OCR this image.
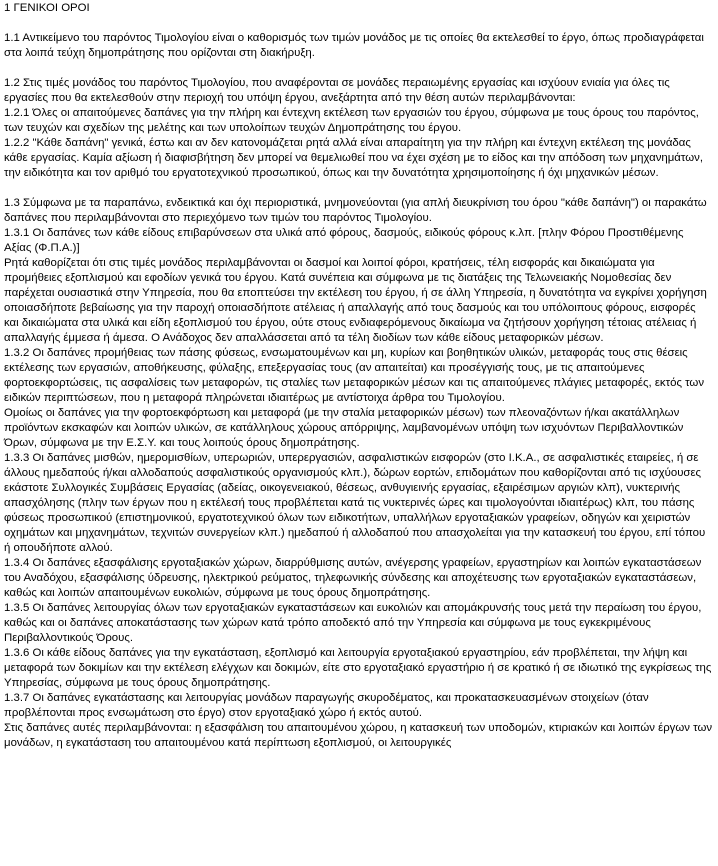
1 ΓΕΝΙΚΟΙ ΟΡΟΙ

1.1 Αντικείμενο του παρόντος Τιμολογίου είναι ο καθορισμός των τιμών μονάδος με τις οποίες θα εκτελεσθεί το έργο, όπως προδιαγράφεται στα λοιπά τεύχη δημοπράτησης που ορίζονται στη διακήρυξη.

1.2 Στις τιμές μονάδος του παρόντος Τιμολογίου, που αναφέρονται σε μονάδες περαιωμένης εργασίας και ισχύουν ενιαία για όλες τις εργασίες που θα εκτελεσθούν στην περιοχή του υπόψη έργου, ανεξάρτητα από την θέση αυτών περιλαμβάνονται:

1.2.1 Όλες οι απαιτούμενες δαπάνες για την πλήρη και έντεχνη εκτέλεση των εργασιών του έργου, σύμφωνα με τους όρους του παρόντος, των τευχών και σχεδίων της μελέτης και των υπολοίπων τευχών Δημοπράτησης του έργου.

1.2.2 "Κάθε δαπάνη" γενικά, έστω και αν δεν κατονομάζεται ρητά αλλά είναι απαραίτητη για την πλήρη και έντεχνη εκτέλεση της μονάδας κάθε εργασίας. Καμία αξίωση ή διαφισβήτηση δεν μπορεί να θεμελιωθεί που να έχει σχέση με το είδος και την απόδοση των μηχανημάτων, την ειδικότητα και τον αριθμό του εργατοτεχνικού προσωπικού, όπως και την δυνατότητα χρησιμοποίησης ή όχι μηχανικών μέσων.

1.3 Σύμφωνα με τα παραπάνω, ενδεικτικά και όχι περιοριστικά, μνημονεύονται (για απλή διευκρίνιση του όρου "κάθε δαπάνη") οι παρακάτω δαπάνες που περιλαμβάνονται στο περιεχόμενο των τιμών του παρόντος Τιμολογίου.

1.3.1 Οι δαπάνες των κάθε είδους επιβαρύνσεων στα υλικά από φόρους, δασμούς, ειδικούς φόρους κ.λπ. [πλην Φόρου Προστιθέμενης Αξίας (Φ.Π.Α.)]

Ρητά καθορίζεται ότι στις τιμές μονάδος περιλαμβάνονται οι δασμοί και λοιποί φόροι, κρατήσεις, τέλη εισφοράς και δικαιώματα για προμήθειες εξοπλισμού και εφοδίων γενικά του έργου. Κατά συνέπεια και σύμφωνα με τις διατάξεις της Τελωνειακής Νομοθεσίας δεν παρέχεται ουσιαστικά στην Υπηρεσία, που θα εποπτεύσει την εκτέλεση του έργου, ή σε άλλη Υπηρεσία, η δυνατότητα να εγκρίνει χορήγηση οποιασδήποτε βεβαίωσης για την παροχή οποιασδήποτε ατέλειας ή απαλλαγής από τους δασμούς και του υπόλοιπους φόρους, εισφορές και δικαιώματα στα υλικά και είδη εξοπλισμού του έργου, ούτε στους ενδιαφερόμενους δικαίωμα να ζητήσουν χορήγηση τέτοιας ατέλειας ή απαλλαγής έμμεσα ή άμεσα. Ο Ανάδοχος δεν απαλλάσσεται από τα τέλη διοδίων των κάθε είδους μεταφορικών μέσων.

1.3.2 Οι δαπάνες προμήθειας των πάσης φύσεως, ενσωματουμένων και μη, κυρίων και βοηθητικών υλικών, μεταφοράς τους στις θέσεις εκτέλεσης των εργασιών, αποθήκευσης, φύλαξης, επεξεργασίας τους (αν απαιτείται) και προσέγγισής τους, με τις απαιτούμενες φορτοεκφορτώσεις, τις ασφαλίσεις των μεταφορών, τις σταλίες των μεταφορικών μέσων και τις απαιτούμενες πλάγιες μεταφορές, εκτός των ειδικών περιπτώσεων, που η μεταφορά πληρώνεται ιδιαιτέρως με αντίστοιχα άρθρα του Τιμολογίου.

Ομοίως οι δαπάνες για την φορτοεκφόρτωση και μεταφορά (με την σταλία μεταφορικών μέσων) των πλεοναζόντων ή/και ακατάλληλων προϊόντων εκσκαφών και λοιπών υλικών, σε κατάλληλους χώρους απόρριψης, λαμβανομένων υπόψη των ισχυόντων Περιβαλλοντικών Όρων, σύμφωνα με την Ε.Σ.Υ. και τους λοιπούς όρους δημοπράτησης.

1.3.3 Οι δαπάνες μισθών, ημερομισθίων, υπερωριών, υπερεργασιών, ασφαλιστικών εισφορών (στο Ι.Κ.Α., σε ασφαλιστικές εταιρείες, ή σε άλλους ημεδαπούς ή/και αλλοδαπούς ασφαλιστικούς οργανισμούς κλπ.), δώρων εορτών, επιδομάτων που καθορίζονται από τις ισχύουσες εκάστοτε Συλλογικές Συμβάσεις Εργασίας (αδείας, οικογενειακού, θέσεως, ανθυγιεινής εργασίας, εξαιρέσιμων αργιών κλπ), νυκτερινής απασχόλησης (πλην των έργων που η εκτέλεσή τους προβλέπεται κατά τις νυκτερινές ώρες και τιμολογούνται ιδιαιτέρως) κλπ, του πάσης φύσεως προσωπικού (επιστημονικού, εργατοτεχνικού όλων των ειδικοτήτων, υπαλλήλων εργοταξιακών γραφείων, οδηγών και χειριστών οχημάτων και μηχανημάτων, τεχνιτών συνεργείων κλπ.) ημεδαπού ή αλλοδαπού που απασχολείται για την κατασκευή του έργου, επί τόπου ή οπουδήποτε αλλού.

1.3.4 Οι δαπάνες εξασφάλισης εργοταξιακών χώρων, διαρρύθμισης αυτών, ανέγερσης γραφείων, εργαστηρίων και λοιπών εγκαταστάσεων του Αναδόχου, εξασφάλισης ύδρευσης, ηλεκτρικού ρεύματος, τηλεφωνικής σύνδεσης και αποχέτευσης των εργοταξιακών εγκαταστάσεων, καθώς και λοιπών απαιτουμένων ευκολιών, σύμφωνα με τους όρους δημοπράτησης.

1.3.5 Οι δαπάνες λειτουργίας όλων των εργοταξιακών εγκαταστάσεων και ευκολιών και απομάκρυνσής τους μετά την περαίωση του έργου, καθώς και οι δαπάνες αποκατάστασης των χώρων κατά τρόπο αποδεκτό από την Υπηρεσία και σύμφωνα με τους εγκεκριμένους Περιβαλλοντικούς Όρους.

1.3.6 Οι κάθε είδους δαπάνες για την εγκατάσταση, εξοπλισμό και λειτουργία εργοταξιακού εργαστηρίου, εάν προβλέπεται, την λήψη και μεταφορά των δοκιμίων και την εκτέλεση ελέγχων και δοκιμών, είτε στο εργοταξιακό εργαστήριο ή σε κρατικό ή σε ιδιωτικό της εγκρίσεως της Υπηρεσίας, σύμφωνα με τους όρους δημοπράτησης.

1.3.7 Οι δαπάνες εγκατάστασης και λειτουργίας μονάδων παραγωγής σκυροδέματος, και προκατασκευασμένων στοιχείων (όταν προβλέπονται προς ενσωμάτωση στο έργο) στον εργοταξιακό χώρο ή εκτός αυτού.

Στις δαπάνες αυτές περιλαμβάνονται: η εξασφάλιση του απαιτουμένου χώρου, η κατασκευή των υποδομών, κτιριακών και λοιπών έργων των μονάδων, η εγκατάσταση του απαιτουμένου κατά περίπτωση εξοπλισμού, οι λειτουργικές
